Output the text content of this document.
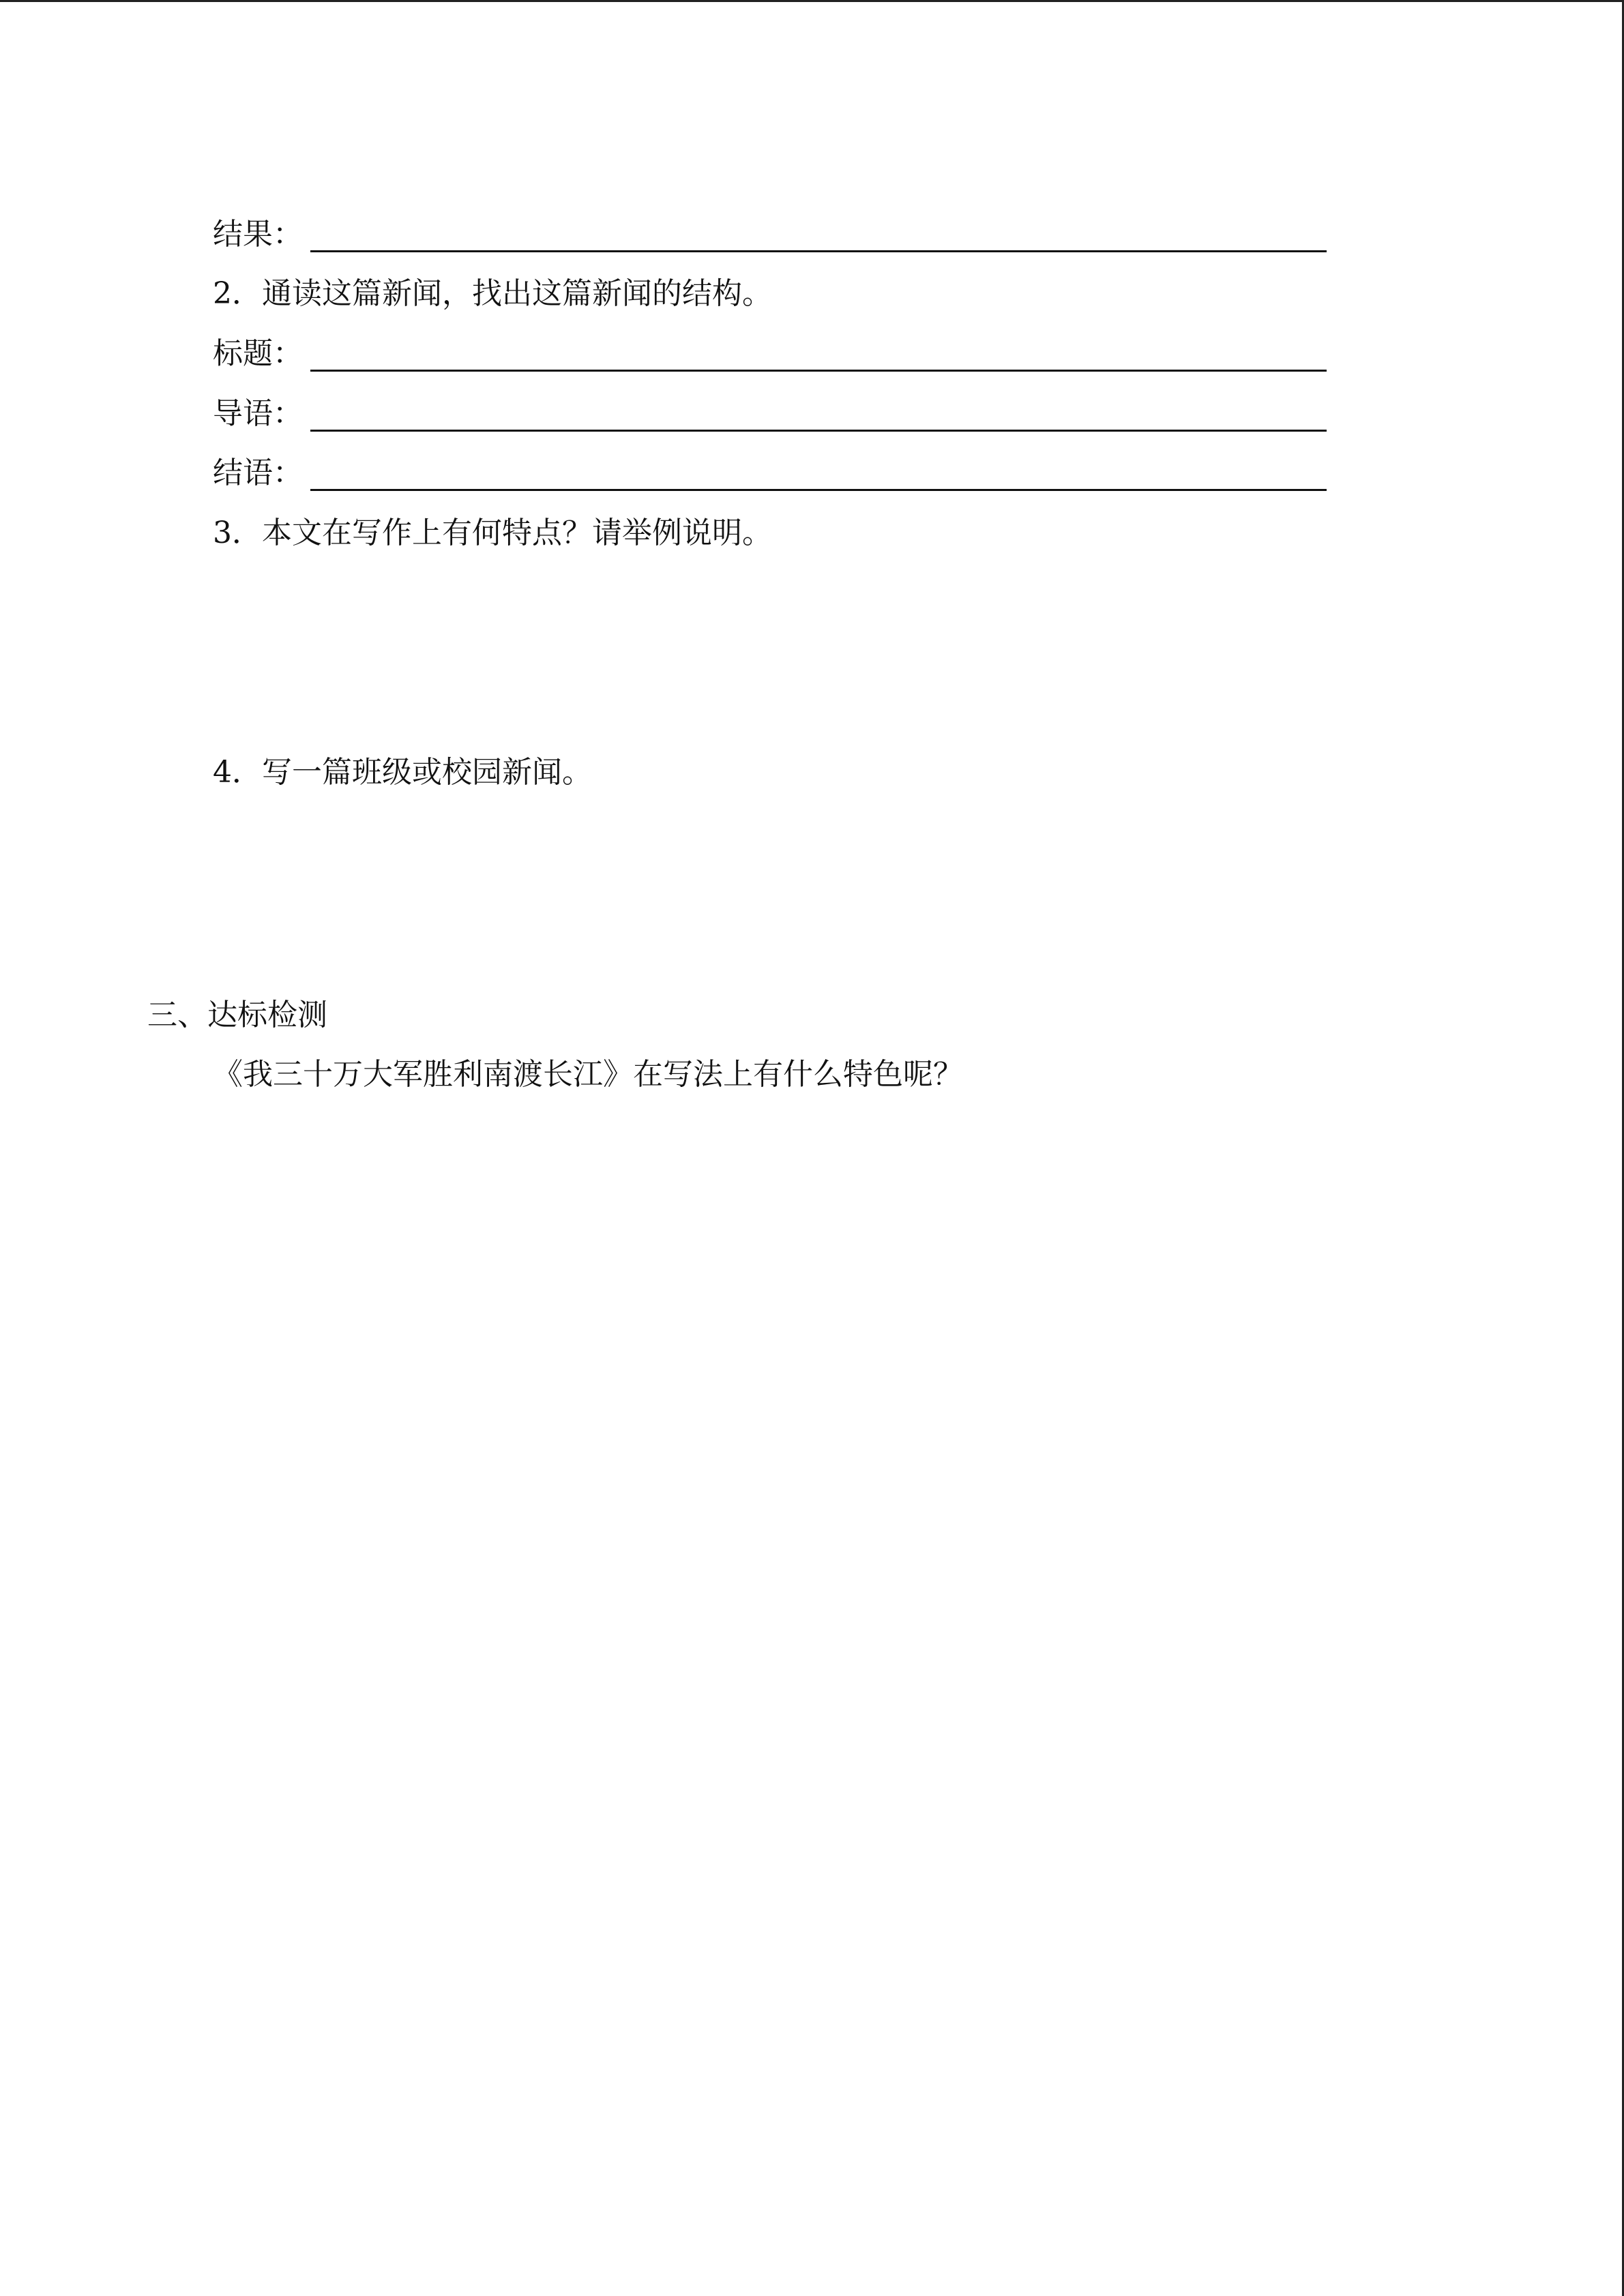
结果：
2．通读这篇新闻，找出这篇新闻的结构。
标题：
导语：
结语：
3．本文在写作上有何特点？请举例说明。
4．写一篇班级或校园新闻。
三、达标检测
《我三十万大军胜利南渡长江》在写法上有什么特色呢？
